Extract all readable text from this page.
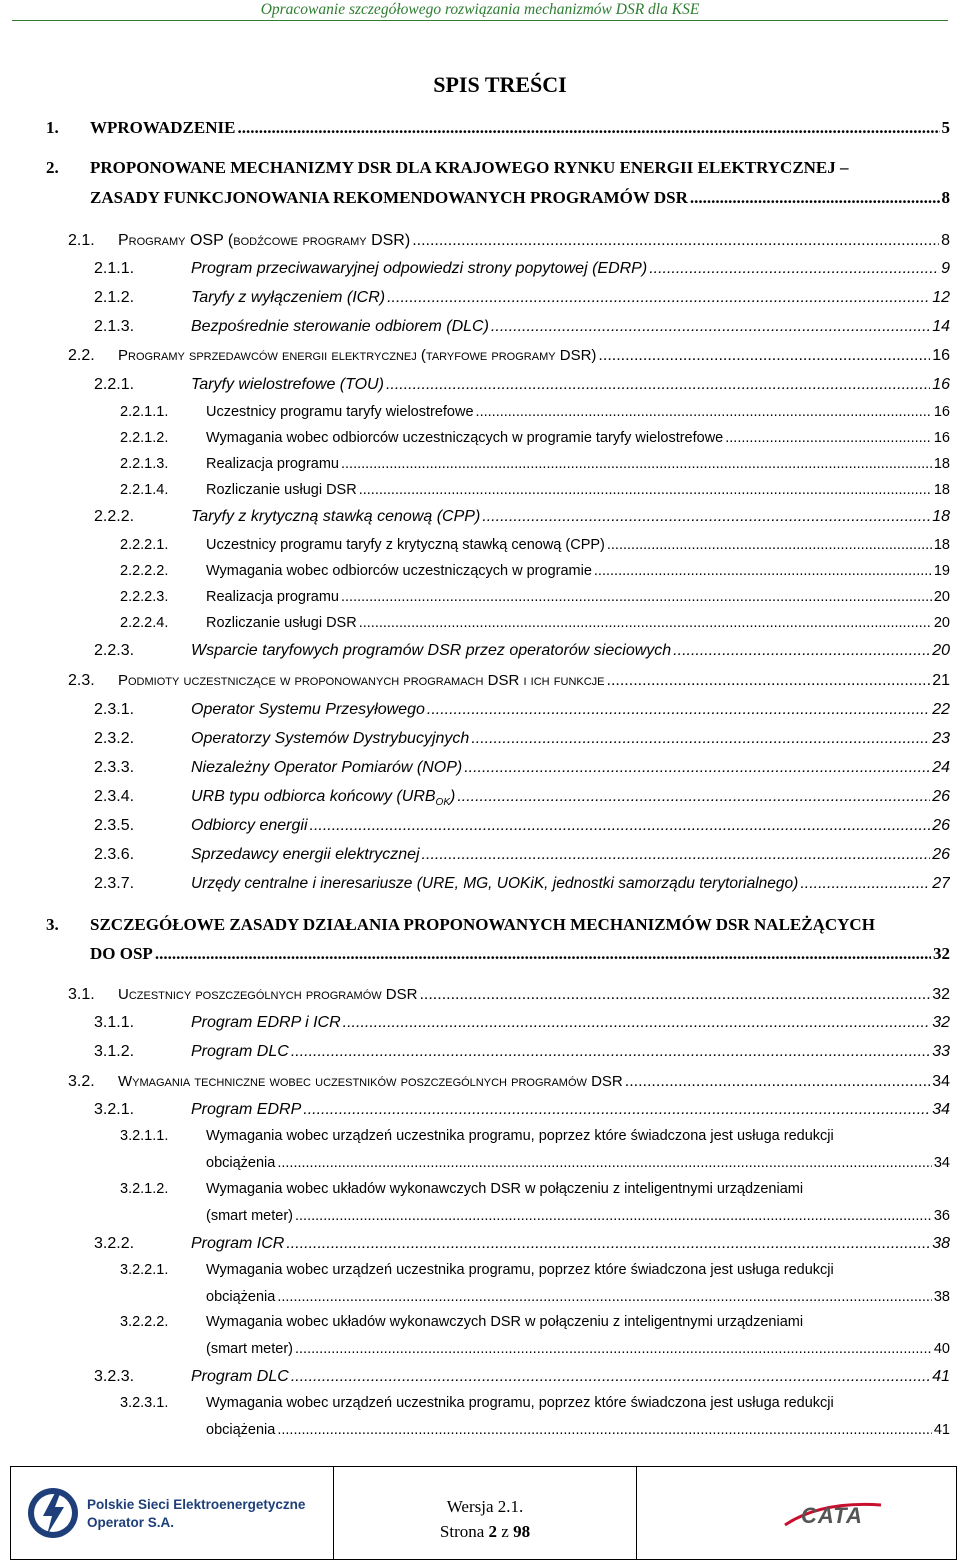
Opracowanie szczegółowego rozwiązania mechanizmów DSR dla KSE
SPIS TREŚCI
1.	WPROWADZENIE .....	5
2.	PROPONOWANE MECHANIZMY DSR DLA KRAJOWEGO RYNKU ENERGII ELEKTRYCZNEJ –
ZASADY FUNKCJONOWANIA REKOMENDOWANYCH PROGRAMÓW DSR .....	8
2.1.	Programy OSP (bodźcowe programy DSR) .....	8
2.1.1.	Program przeciwawaryjnej odpowiedzi strony popytowej (EDRP) .....	9
2.1.2.	Taryfy z wyłączeniem (ICR) .....	12
2.1.3.	Bezpośrednie sterowanie odbiorem (DLC) .....	14
2.2.	Programy sprzedawców energii elektrycznej (taryfowe programy DSR) .....	16
2.2.1.	Taryfy wielostrefowe (TOU) .....	16
2.2.1.1.	Uczestnicy programu taryfy wielostrefowe .....	16
2.2.1.2.	Wymagania wobec odbiorców uczestniczących w programie taryfy wielostrefowe .....	16
2.2.1.3.	Realizacja programu .....	18
2.2.1.4.	Rozliczanie usługi DSR .....	18
2.2.2.	Taryfy z krytyczną stawką cenową (CPP) .....	18
2.2.2.1.	Uczestnicy programu taryfy z krytyczną stawką cenową (CPP) .....	18
2.2.2.2.	Wymagania wobec odbiorców uczestniczących w programie .....	19
2.2.2.3.	Realizacja programu .....	20
2.2.2.4.	Rozliczanie usługi DSR .....	20
2.2.3.	Wsparcie taryfowych programów DSR przez operatorów sieciowych .....	20
2.3.	Podmioty uczestniczące w proponowanych programach DSR i ich funkcje .....	21
2.3.1.	Operator Systemu Przesyłowego .....	22
2.3.2.	Operatorzy Systemów Dystrybucyjnych .....	23
2.3.3.	Niezależny Operator Pomiarów (NOP) .....	24
2.3.4.	URB typu odbiorca końcowy $(URB_{OK})$ .....	26
2.3.5.	Odbiorcy energii .....	26
2.3.6.	Sprzedawcy energii elektrycznej .....	26
2.3.7.	Urzędy centralne i ineresariusze (URE, MG, UOKiK, jednostki samorządu terytorialnego) .....	27
3.	SZCZEGÓŁOWE ZASADY DZIAŁANIA PROPONOWANYCH MECHANIZMÓW DSR NALEŻĄCYCH
DO OSP .....	32
3.1.	Uczestnicy poszczególnych programów DSR .....	32
3.1.1.	Program EDRP i ICR .....	32
3.1.2.	Program DLC .....	33
3.2.	Wymagania techniczne wobec uczestników poszczególnych programów DSR .....	34
3.2.1.	Program EDRP .....	34
3.2.1.1.	Wymagania wobec urządzeń uczestnika programu, poprzez które świadczona jest usługa redukcji
obciążenia .....	34
3.2.1.2.	Wymagania wobec układów wykonawczych DSR w połączeniu z inteligentnymi urządzeniami
(smart meter) .....	36
3.2.2.	Program ICR .....	38
3.2.2.1.	Wymagania wobec urządzeń uczestnika programu, poprzez które świadczona jest usługa redukcji
obciążenia .....	38
3.2.2.2.	Wymagania wobec układów wykonawczych DSR w połączeniu z inteligentnymi urządzeniami
(smart meter) .....	40
3.2.3.	Program DLC .....	41
3.2.3.1.	Wymagania wobec urządzeń uczestnika programu, poprzez które świadczona jest usługa redukcji
obciążenia .....	41
Polskie Sieci Elektroenergetyczne
Operator S.A.
Wersja 2.1.
Strona 2 z 98
CATA
